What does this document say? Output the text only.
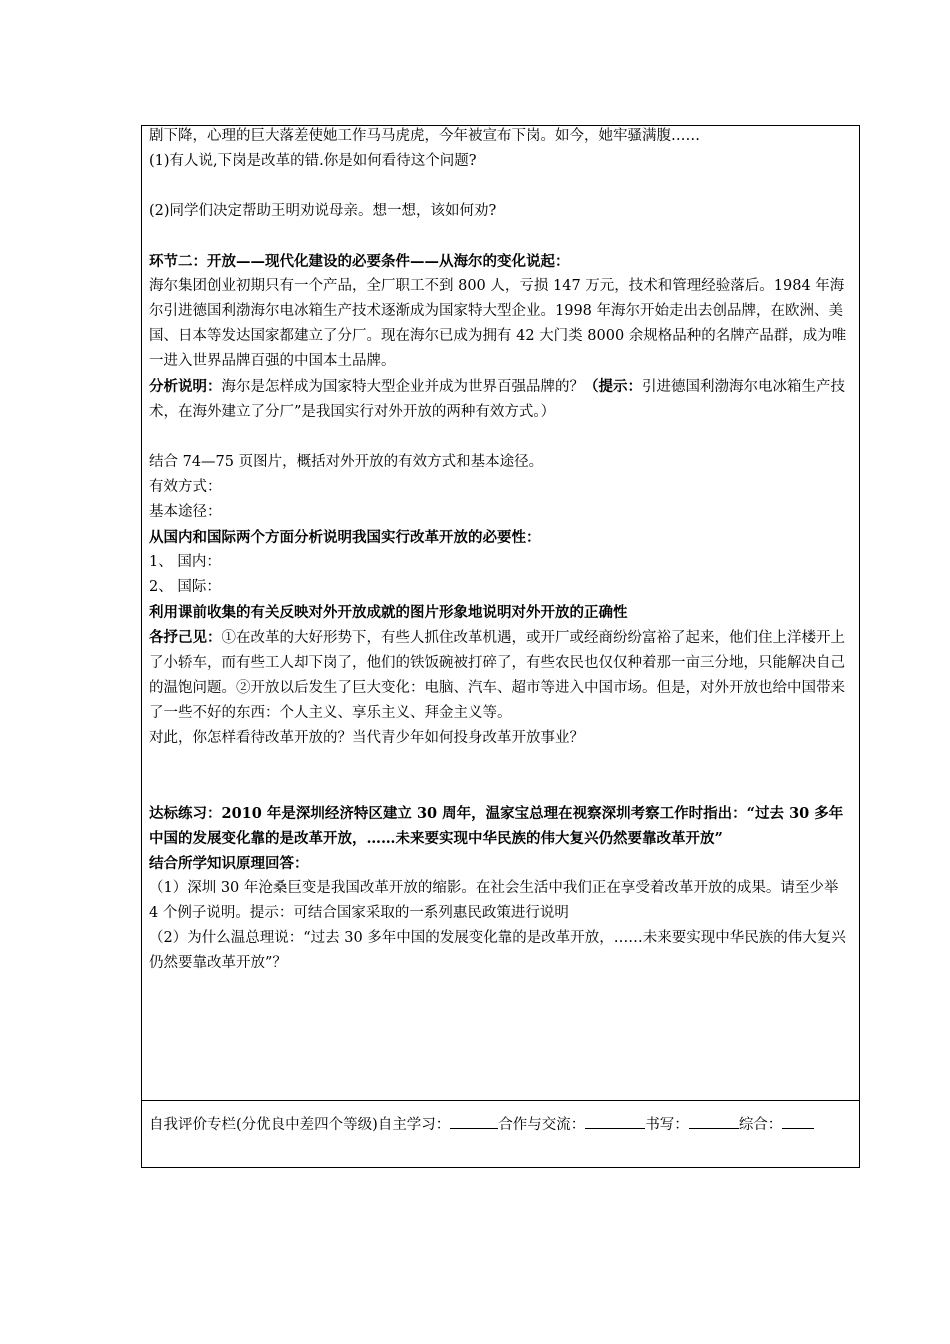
剧下降，心理的巨大落差使她工作马马虎虎，今年被宣布下岗。如今，她牢骚满腹……

(1)有人说,下岗是改革的错.你是如何看待这个问题?

(2)同学们决定帮助王明劝说母亲。想一想，该如何劝?

环节二：开放——现代化建设的必要条件——从海尔的变化说起：

海尔集团创业初期只有一个产品，全厂职工不到 800 人，亏损 147 万元，技术和管理经验落后。1984 年海尔引进德国利渤海尔电冰箱生产技术逐渐成为国家特大型企业。1998 年海尔开始走出去创品牌，在欧洲、美国、日本等发达国家都建立了分厂。现在海尔已成为拥有 42 大门类 8000 余规格品种的名牌产品群，成为唯一进入世界品牌百强的中国本土品牌。

分析说明：海尔是怎样成为国家特大型企业并成为世界百强品牌的？（提示：引进德国利渤海尔电冰箱生产技术，在海外建立了分厂”是我国实行对外开放的两种有效方式。）

结合 74—75 页图片，概括对外开放的有效方式和基本途径。

有效方式：

基本途径：

从国内和国际两个方面分析说明我国实行改革开放的必要性：

1、 国内：

2、 国际：

利用课前收集的有关反映对外开放成就的图片形象地说明对外开放的正确性

各抒己见：①在改革的大好形势下，有些人抓住改革机遇，或开厂或经商纷纷富裕了起来，他们住上洋楼开上了小轿车，而有些工人却下岗了，他们的铁饭碗被打碎了，有些农民也仅仅种着那一亩三分地，只能解决自己的温饱问题。②开放以后发生了巨大变化：电脑、汽车、超市等进入中国市场。但是，对外开放也给中国带来了一些不好的东西：个人主义、享乐主义、拜金主义等。

对此，你怎样看待改革开放的？当代青少年如何投身改革开放事业？

达标练习：2010 年是深圳经济特区建立 30 周年，温家宝总理在视察深圳考察工作时指出：“过去 30 多年中国的发展变化靠的是改革开放，……未来要实现中华民族的伟大复兴仍然要靠改革开放”

结合所学知识原理回答：

（1）深圳 30 年沧桑巨变是我国改革开放的缩影。在社会生活中我们正在享受着改革开放的成果。请至少举 4 个例子说明。提示：可结合国家采取的一系列惠民政策进行说明

（2）为什么温总理说：“过去 30 多年中国的发展变化靠的是改革开放，……未来要实现中华民族的伟大复兴仍然要靠改革开放”？

自我评价专栏(分优良中差四个等级)自主学习：	合作与交流：	书写：	综合：
